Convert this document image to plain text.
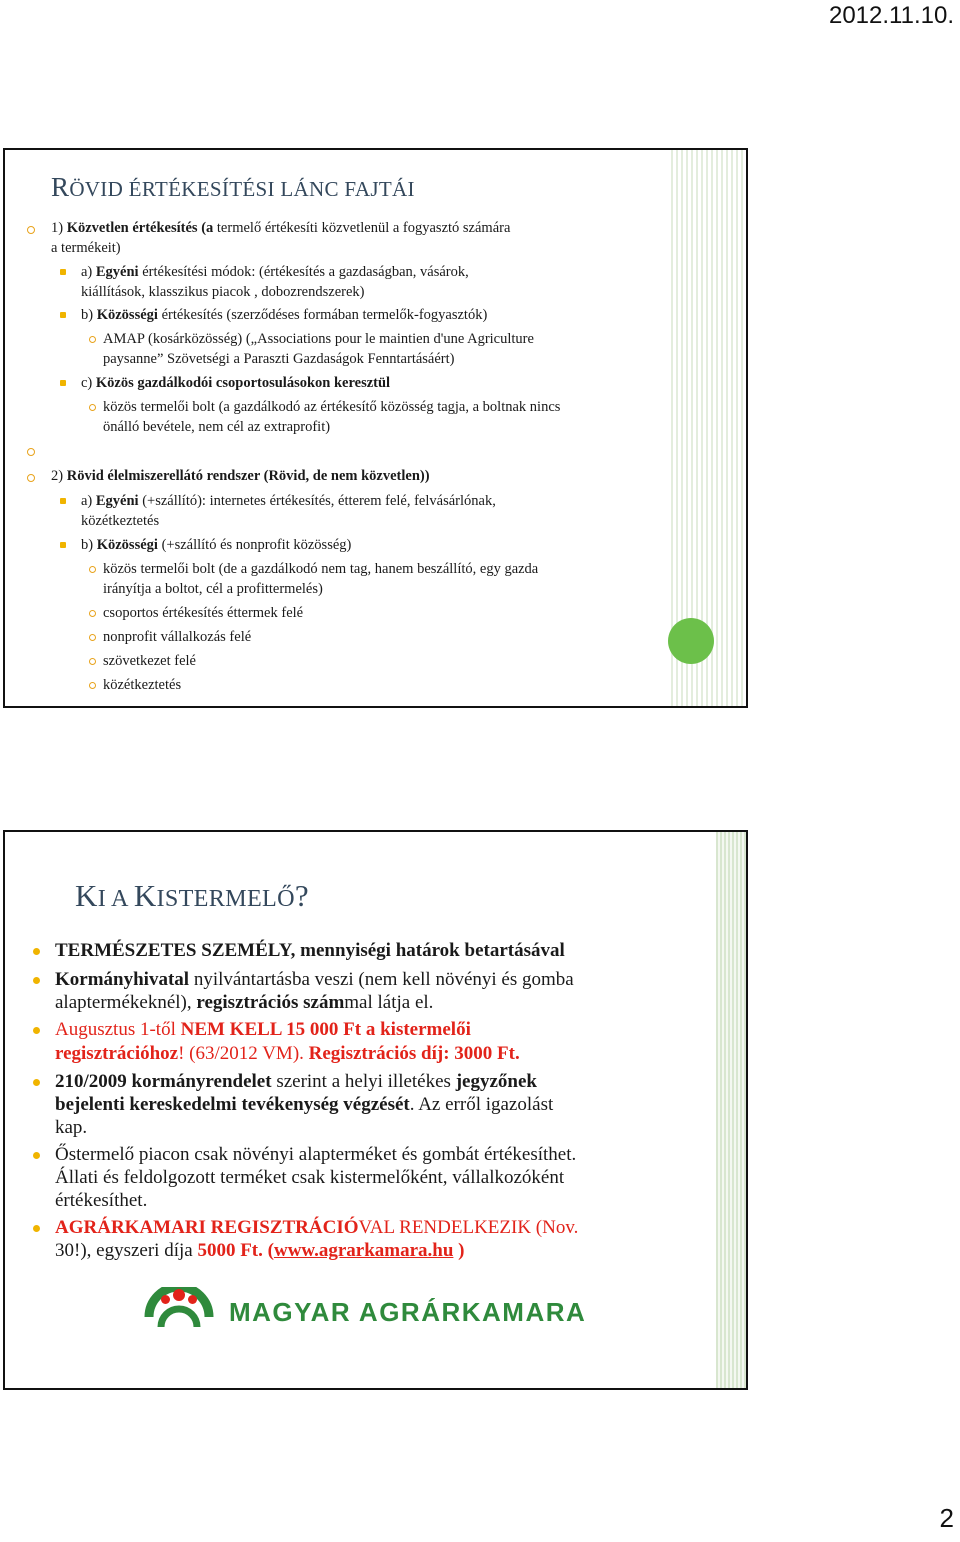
2012.11.10.
RÖVID ÉRTÉKESÍTÉSI LÁNC FAJTÁI
1) Közvetlen értékesítés (a termelő értékesíti közvetlenül a fogyasztó számára
a termékeit)
a) Egyéni értékesítési módok: (értékesítés a gazdaságban, vásárok,
kiállítások, klasszikus piacok , dobozrendszerek)
b) Közösségi értékesítés (szerződéses formában termelők-fogyasztók)
AMAP (kosárközösség) („Associations pour le maintien d'une Agriculture
paysanne” Szövetségi a Paraszti Gazdaságok Fenntartásáért)
c) Közös gazdálkodói csoportosulásokon keresztül
közös termelői bolt (a gazdálkodó az értékesítő közösség tagja, a boltnak nincs
önálló bevétele, nem cél az extraprofit)
2) Rövid élelmiszerellátó rendszer (Rövid, de nem közvetlen))
a) Egyéni (+szállító): internetes értékesítés, étterem felé, felvásárlónak,
közétkeztetés
b) Közösségi (+szállító és nonprofit közösség)
közös termelői bolt (de a gazdálkodó nem tag, hanem beszállító, egy gazda
irányítja a boltot, cél a profittermelés)
csoportos értékesítés éttermek felé
nonprofit vállalkozás felé
szövetkezet felé
közétkeztetés
KI A KISTERMELŐ?
TERMÉSZETES SZEMÉLY, mennyiségi határok betartásával
Kormányhivatal nyilvántartásba veszi (nem kell növényi és gomba
alaptermékeknél), regisztrációs számmal látja el.
Augusztus 1-től NEM KELL 15 000 Ft a kistermelői
regisztrációhoz! (63/2012 VM). Regisztrációs díj: 3000 Ft.
210/2009 kormányrendelet szerint a helyi illetékes jegyzőnek
bejelenti kereskedelmi tevékenység végzését. Az erről igazolást
kap.
Őstermelő piacon csak növényi alapterméket és gombát értékesíthet.
Állati és feldolgozott terméket csak kistermelőként, vállalkozóként
értékesíthet.
AGRÁRKAMARI REGISZTRÁCIÓVAL RENDELKEZIK (Nov.
30!), egyszeri díja 5000 Ft. (www.agrarkamara.hu )
MAGYAR AGRÁRKAMARA
2
